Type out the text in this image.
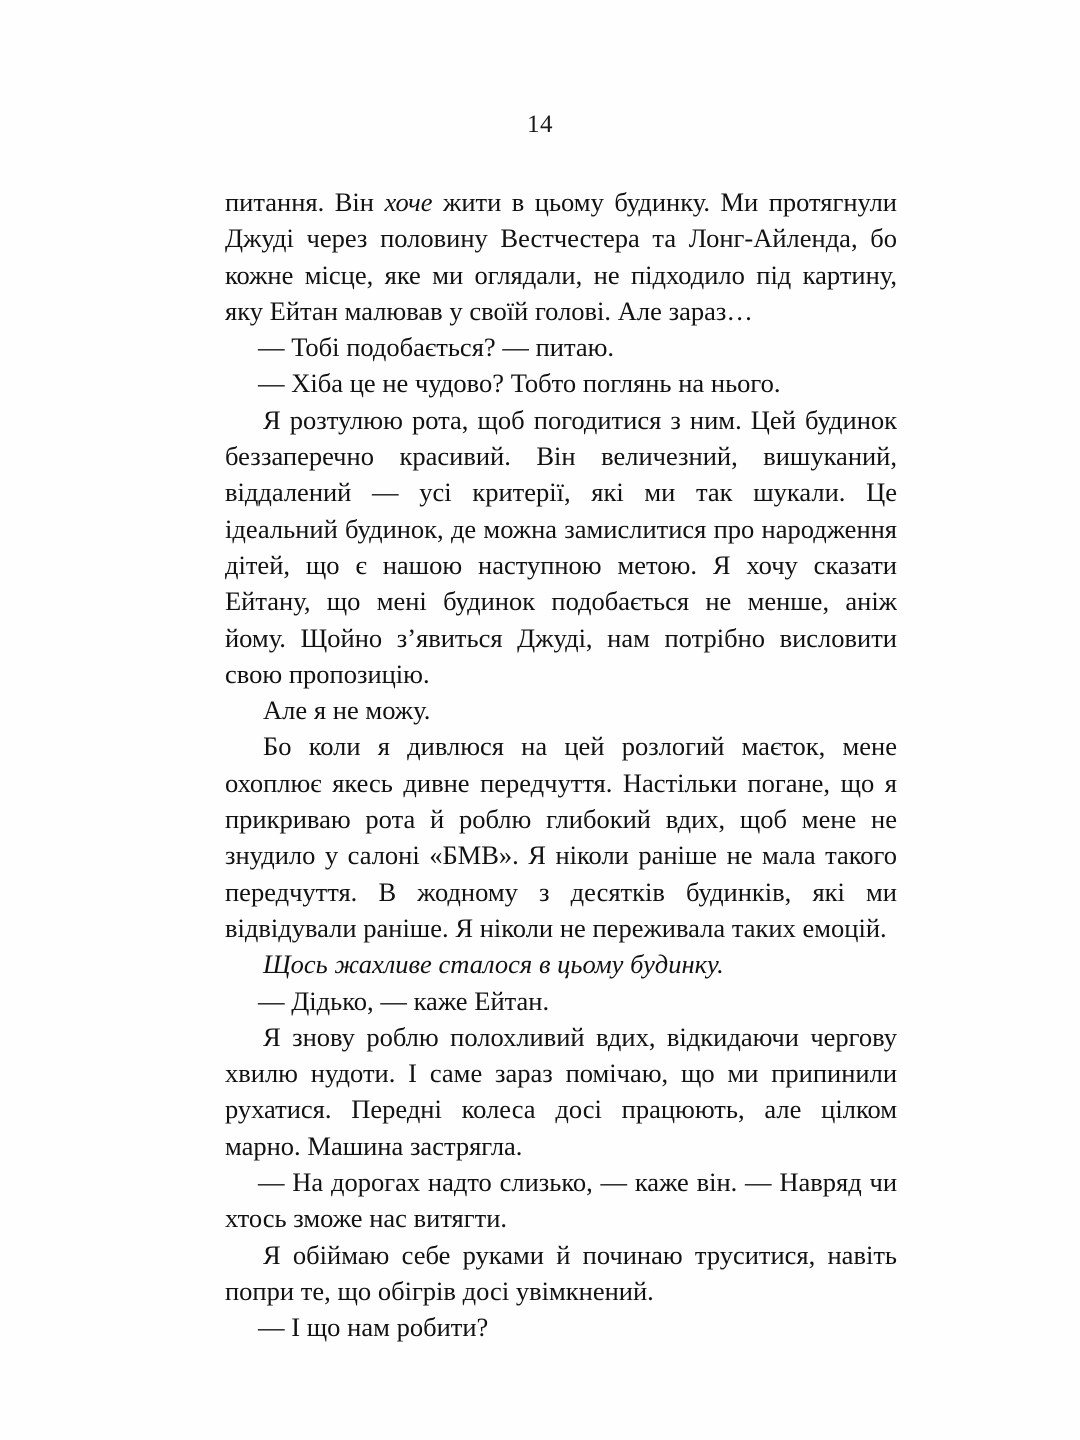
14

питання. Він хоче жити в цьому будинку. Ми протягнули Джуді через половину Вестчестера та Лонг-Айленда, бо кожне місце, яке ми оглядали, не підходило під картину, яку Ейтан малював у своїй голові. Але зараз…

— Тобі подобається? — питаю.

— Хіба це не чудово? Тобто поглянь на нього.

Я розтулюю рота, щоб погодитися з ним. Цей будинок беззаперечно красивий. Він величезний, вишуканий, віддалений — усі критерії, які ми так шукали. Це ідеальний будинок, де можна замислитися про народження дітей, що є нашою наступною метою. Я хочу сказати Ейтану, що мені будинок подобається не менше, аніж йому. Щойно з’явиться Джуді, нам потрібно висловити свою пропозицію.

Але я не можу.

Бо коли я дивлюся на цей розлогий маєток, мене охоплює якесь дивне передчуття. Настільки погане, що я прикриваю рота й роблю глибокий вдих, щоб мене не знудило у салоні «БМВ». Я ніколи раніше не мала такого передчуття. В жодному з десятків будинків, які ми відвідували раніше. Я ніколи не переживала таких емоцій.

Щось жахливе сталося в цьому будинку.

— Дідько, — каже Ейтан.

Я знову роблю полохливий вдих, відкидаючи чергову хвилю нудоти. І саме зараз помічаю, що ми припинили рухатися. Передні колеса досі працюють, але цілком марно. Машина застрягла.

— На дорогах надто слизько, — каже він. — Навряд чи хтось зможе нас витягти.

Я обіймаю себе руками й починаю труситися, навіть попри те, що обігрів досі увімкнений.

— І що нам робити?
